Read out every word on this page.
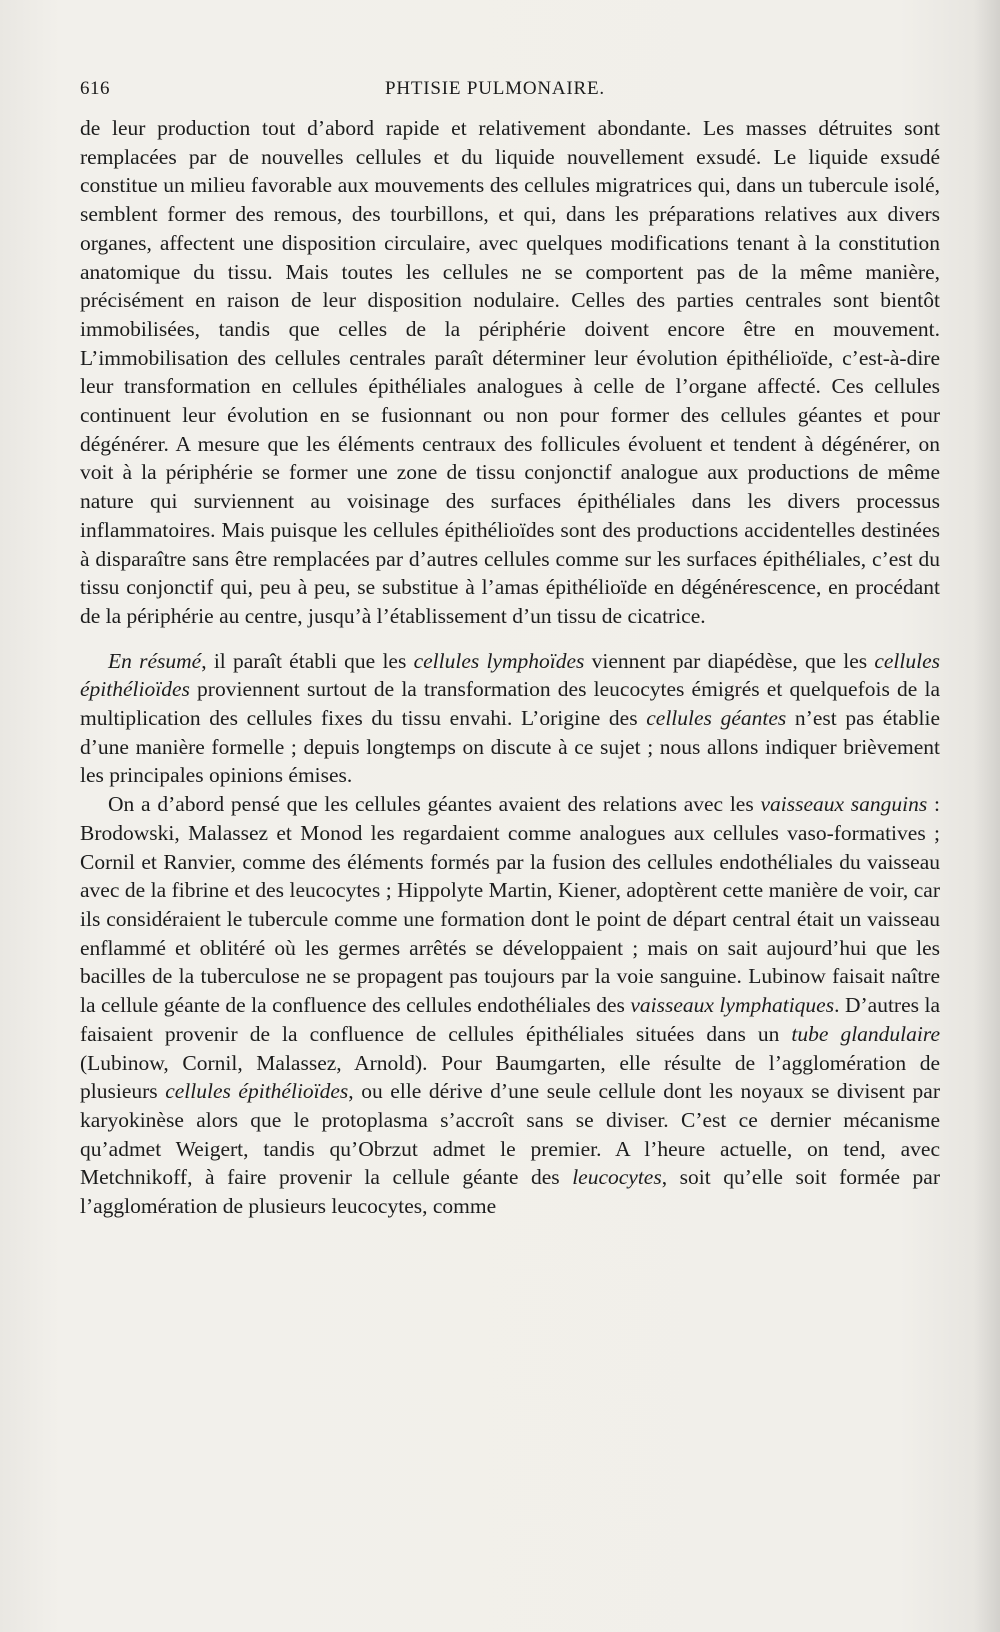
616	PHTISIE PULMONAIRE.

de leur production tout d’abord rapide et relativement abondante. Les masses détruites sont remplacées par de nouvelles cellules et du liquide nouvellement exsudé. Le liquide exsudé constitue un milieu favorable aux mouvements des cellules migratrices qui, dans un tubercule isolé, semblent former des remous, des tourbillons, et qui, dans les préparations relatives aux divers organes, affectent une disposition circulaire, avec quelques modifications tenant à la constitution anatomique du tissu. Mais toutes les cellules ne se comportent pas de la même manière, précisément en raison de leur disposition nodulaire. Celles des parties centrales sont bientôt immobilisées, tandis que celles de la périphérie doivent encore être en mouvement. L’immobilisation des cellules centrales paraît déterminer leur évolution épithélioïde, c’est-à-dire leur transformation en cellules épithéliales analogues à celle de l’organe affecté. Ces cellules continuent leur évolution en se fusionnant ou non pour former des cellules géantes et pour dégénérer. A mesure que les éléments centraux des follicules évoluent et tendent à dégénérer, on voit à la périphérie se former une zone de tissu conjonctif analogue aux productions de même nature qui surviennent au voisinage des surfaces épithéliales dans les divers processus inflammatoires. Mais puisque les cellules épithélioïdes sont des productions accidentelles destinées à disparaître sans être remplacées par d’autres cellules comme sur les surfaces épithéliales, c’est du tissu conjonctif qui, peu à peu, se substitue à l’amas épithélioïde en dégénérescence, en procédant de la périphérie au centre, jusqu’à l’établissement d’un tissu de cicatrice.

En résumé, il paraît établi que les cellules lymphoïdes viennent par diapédèse, que les cellules épithélioïdes proviennent surtout de la transformation des leucocytes émigrés et quelquefois de la multiplication des cellules fixes du tissu envahi. L’origine des cellules géantes n’est pas établie d’une manière formelle ; depuis longtemps on discute à ce sujet ; nous allons indiquer brièvement les principales opinions émises.

On a d’abord pensé que les cellules géantes avaient des relations avec les vaisseaux sanguins : Brodowski, Malassez et Monod les regardaient comme analogues aux cellules vaso-formatives ; Cornil et Ranvier, comme des éléments formés par la fusion des cellules endothéliales du vaisseau avec de la fibrine et des leucocytes ; Hippolyte Martin, Kiener, adoptèrent cette manière de voir, car ils considéraient le tubercule comme une formation dont le point de départ central était un vaisseau enflammé et oblitéré où les germes arrêtés se développaient ; mais on sait aujourd’hui que les bacilles de la tuberculose ne se propagent pas toujours par la voie sanguine. Lubinow faisait naître la cellule géante de la confluence des cellules endothéliales des vaisseaux lymphatiques. D’autres la faisaient provenir de la confluence de cellules épithéliales situées dans un tube glandulaire (Lubinow, Cornil, Malassez, Arnold). Pour Baumgarten, elle résulte de l’agglomération de plusieurs cellules épithélioïdes, ou elle dérive d’une seule cellule dont les noyaux se divisent par karyokinèse alors que le protoplasma s’accroît sans se diviser. C’est ce dernier mécanisme qu’admet Weigert, tandis qu’Obrzut admet le premier. A l’heure actuelle, on tend, avec Metchnikoff, à faire provenir la cellule géante des leucocytes, soit qu’elle soit formée par l’agglomération de plusieurs leucocytes, comme
